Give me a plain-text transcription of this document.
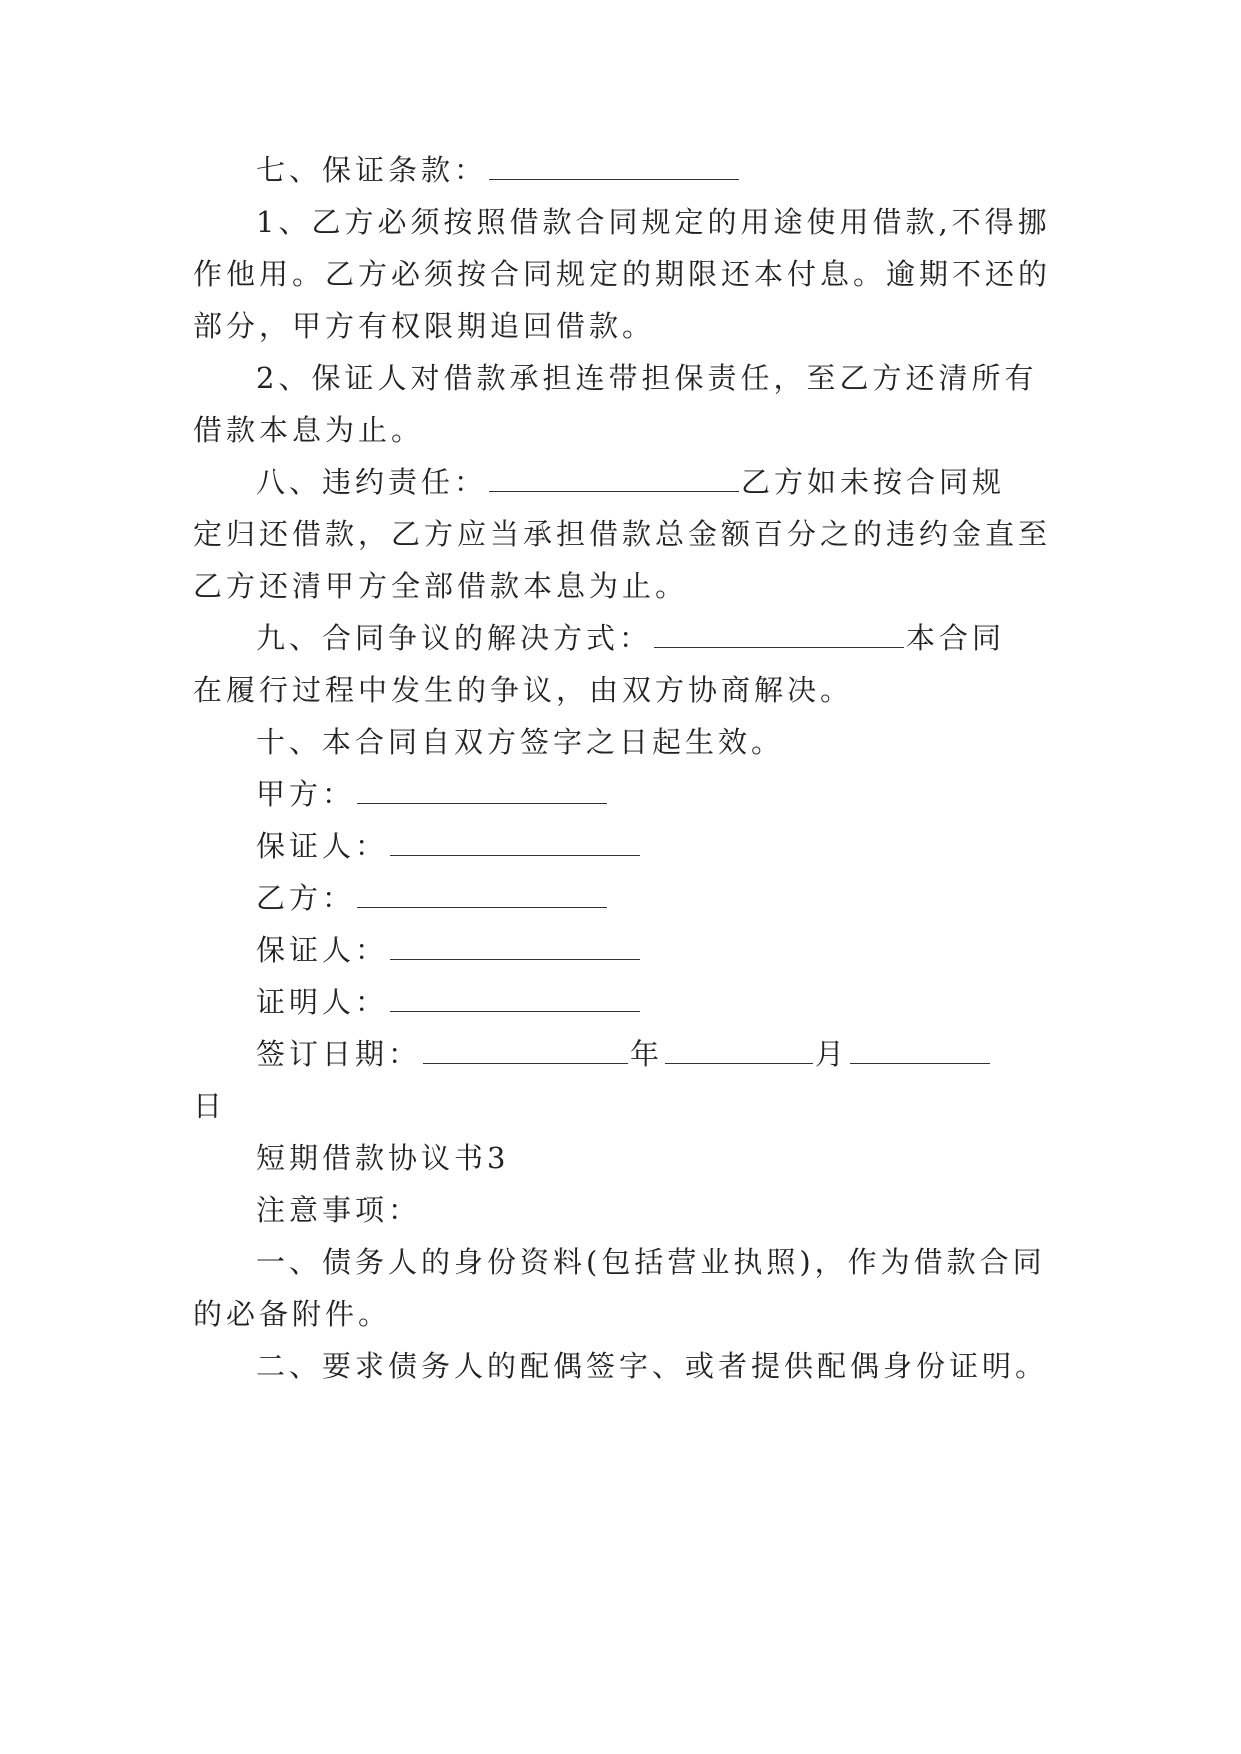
七、保证条款：
1、乙方必须按照借款合同规定的用途使用借款,不得挪
作他用。乙方必须按合同规定的期限还本付息。逾期不还的
部分，甲方有权限期追回借款。
2、保证人对借款承担连带担保责任，至乙方还清所有
借款本息为止。
八、违约责任：	乙方如未按合同规
定归还借款，乙方应当承担借款总金额百分之的违约金直至
乙方还清甲方全部借款本息为止。
九、合同争议的解决方式：	本合同
在履行过程中发生的争议，由双方协商解决。
十、本合同自双方签字之日起生效。
甲方：
保证人：
乙方：
保证人：
证明人：
签订日期：	年	月
日
短期借款协议书3
注意事项：
一、债务人的身份资料(包括营业执照)，作为借款合同
的必备附件。
二、要求债务人的配偶签字、或者提供配偶身份证明。
